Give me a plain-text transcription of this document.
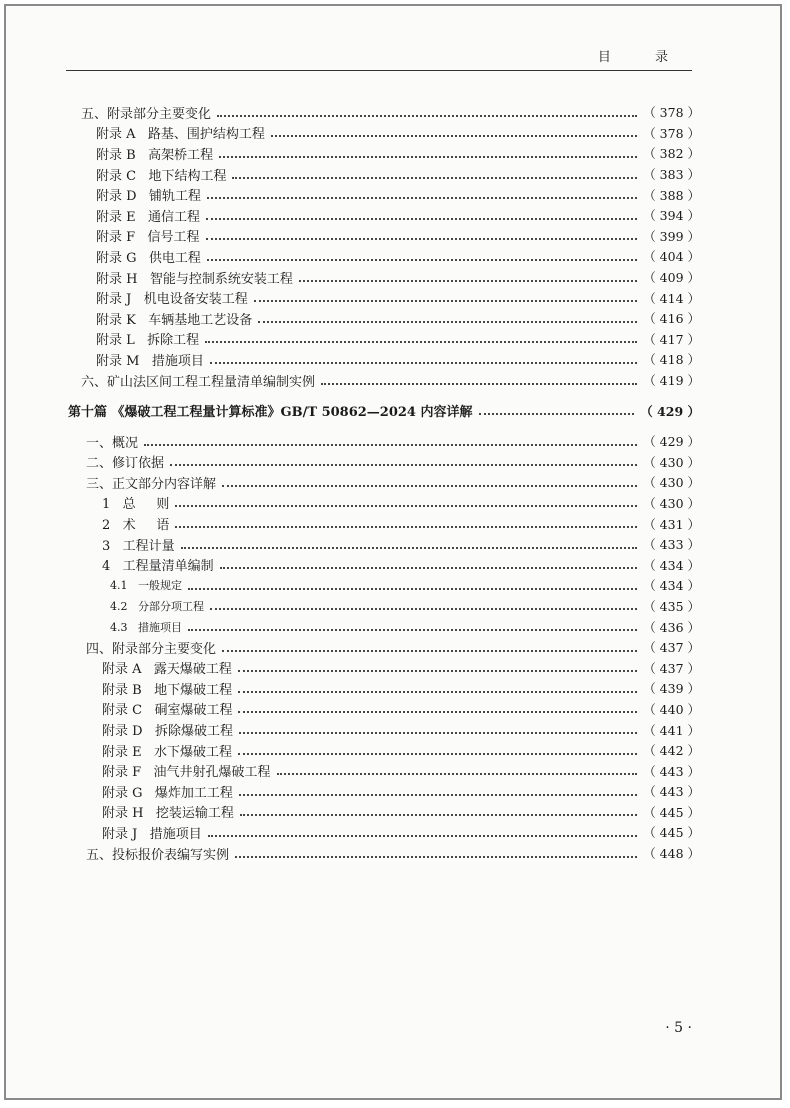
目 录
五、附录部分主要变化	（ 378 ）
附录 A   路基、围护结构工程	（ 378 ）
附录 B   高架桥工程	（ 382 ）
附录 C   地下结构工程	（ 383 ）
附录 D   铺轨工程	（ 388 ）
附录 E   通信工程	（ 394 ）
附录 F   信号工程	（ 399 ）
附录 G   供电工程	（ 404 ）
附录 H   智能与控制系统安装工程	（ 409 ）
附录 J   机电设备安装工程	（ 414 ）
附录 K   车辆基地工艺设备	（ 416 ）
附录 L   拆除工程	（ 417 ）
附录 M   措施项目	（ 418 ）
六、矿山法区间工程工程量清单编制实例	（ 419 ）
第十篇 《爆破工程工程量计算标准》GB/T 50862—2024 内容详解	（ 429 ）
一、概况	（ 429 ）
二、修订依据	（ 430 ）
三、正文部分内容详解	（ 430 ）
1   总     则	（ 430 ）
2   术     语	（ 431 ）
3   工程计量	（ 433 ）
4   工程量清单编制	（ 434 ）
4.1   一般规定	（ 434 ）
4.2   分部分项工程	（ 435 ）
4.3   措施项目	（ 436 ）
四、附录部分主要变化	（ 437 ）
附录 A   露天爆破工程	（ 437 ）
附录 B   地下爆破工程	（ 439 ）
附录 C   硐室爆破工程	（ 440 ）
附录 D   拆除爆破工程	（ 441 ）
附录 E   水下爆破工程	（ 442 ）
附录 F   油气井射孔爆破工程	（ 443 ）
附录 G   爆炸加工工程	（ 443 ）
附录 H   挖装运输工程	（ 445 ）
附录 J   措施项目	（ 445 ）
五、投标报价表编写实例	（ 448 ）
· 5 ·
